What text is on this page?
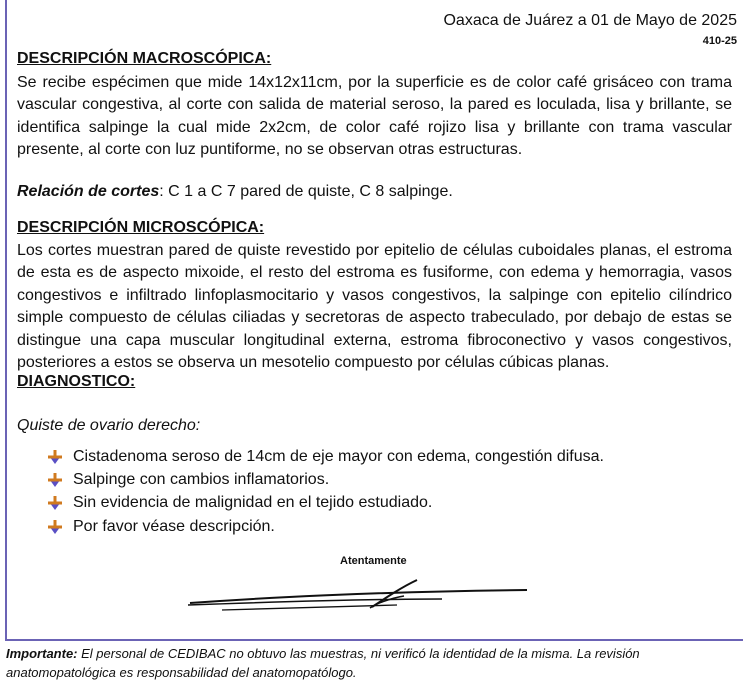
Oaxaca de Juárez a 01 de Mayo de 2025
410-25
DESCRIPCIÓN MACROSCÓPICA:

Se recibe espécimen que mide 14x12x11cm, por la superficie es de color café grisáceo con trama vascular congestiva, al corte con salida de material seroso, la pared es loculada, lisa y brillante, se identifica salpinge la cual mide 2x2cm, de color café rojizo lisa y brillante con trama vascular presente, al corte con luz puntiforme, no se observan otras estructuras.

Relación de cortes: C 1 a C 7 pared de quiste, C 8 salpinge.
DESCRIPCIÓN MICROSCÓPICA:

Los cortes muestran pared de quiste revestido por epitelio de células cuboidales planas, el estroma de esta es de aspecto mixoide, el resto del estroma es fusiforme, con edema y hemorragia, vasos congestivos e infiltrado linfoplasmocitario y vasos congestivos, la salpinge con epitelio cilíndrico simple compuesto de células ciliadas y secretoras de aspecto trabeculado, por debajo de estas se distingue una capa muscular longitudinal externa, estroma fibroconectivo y vasos congestivos, posteriores a estos se observa un mesotelio compuesto por células cúbicas planas.

DIAGNOSTICO:
Quiste de ovario derecho:
Cistadenoma seroso de 14cm de eje mayor con edema, congestión difusa.
Salpinge con cambios inflamatorios.
Sin evidencia de malignidad en el tejido estudiado.
Por favor véase descripción.
Atentamente
Importante: El personal de CEDIBAC no obtuvo las muestras, ni verificó la identidad de la misma. La revisión anatomopatológica es responsabilidad del anatomopatólogo.
